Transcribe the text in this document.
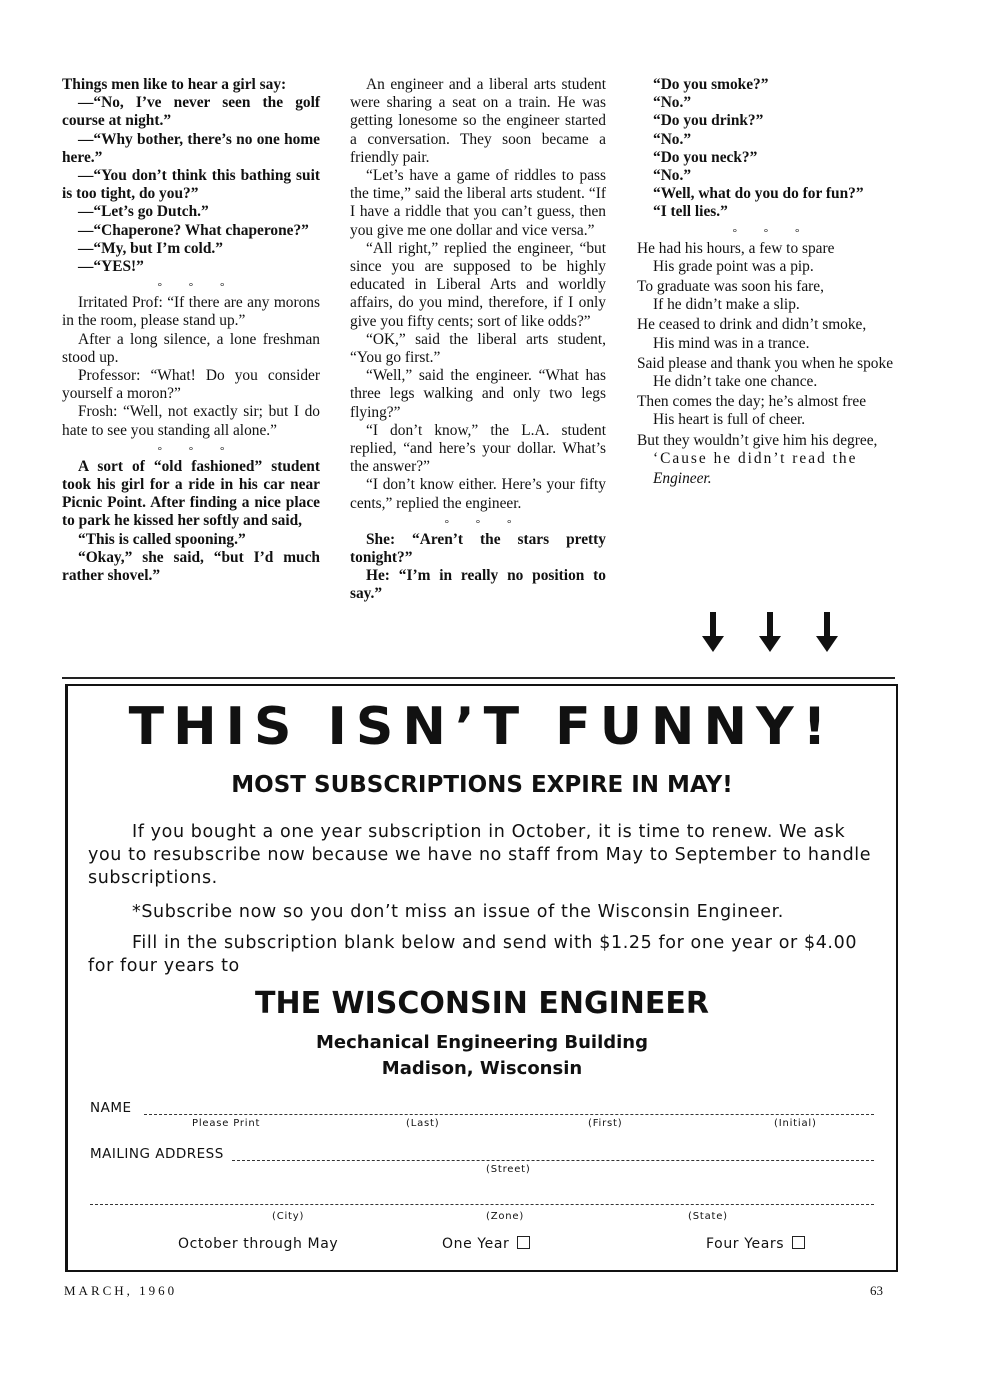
Things men like to hear a girl say:

—“No, I’ve never seen the golf course at night.”

—“Why bother, there’s no one home here.”

—“You don’t think this bathing suit is too tight, do you?”

—“Let’s go Dutch.”

—“Chaperone? What chaperone?”

—“My, but I’m cold.”

—“YES!”

° ° °

Irritated Prof: “If there are any morons in the room, please stand up.”

After a long silence, a lone freshman stood up.

Professor: “What! Do you consider yourself a moron?”

Frosh: “Well, not exactly sir; but I do hate to see you standing all alone.”

° ° °

A sort of “old fashioned” student took his girl for a ride in his car near Picnic Point. After finding a nice place to park he kissed her softly and said,

“This is called spooning.”

“Okay,” she said, “but I’d much rather shovel.”

An engineer and a liberal arts student were sharing a seat on a train. He was getting lonesome so the engineer started a conversation. They soon became a friendly pair.

“Let’s have a game of riddles to pass the time,” said the liberal arts student. “If I have a riddle that you can’t guess, then you give me one dollar and vice versa.”

“All right,” replied the engineer, “but since you are supposed to be highly educated in Liberal Arts and worldly affairs, do you mind, therefore, if I only give you fifty cents; sort of like odds?”

“OK,” said the liberal arts student, “You go first.”

“Well,” said the engineer. “What has three legs walking and only two legs flying?”

“I don’t know,” the L.A. student replied, “and here’s your dollar. What’s the answer?”

“I don’t know either. Here’s your fifty cents,” replied the engineer.

° ° °

She: “Aren’t the stars pretty tonight?”

He: “I’m in really no position to say.”

“Do you smoke?”

“No.”

“Do you drink?”

“No.”

“Do you neck?”

“No.”

“Well, what do you do for fun?”

“I tell lies.”

° ° °

He had his hours, a few to spare

His grade point was a pip.

To graduate was soon his fare,

If he didn’t make a slip.

He ceased to drink and didn’t smoke,

His mind was in a trance.

Said please and thank you when he spoke

He didn’t take one chance.

Then comes the day; he’s almost free

His heart is full of cheer.

But they wouldn’t give him his degree,

‘Cause he didn’t read the

Engineer.

THIS ISN’T FUNNY!
MOST SUBSCRIPTIONS EXPIRE IN MAY!

If you bought a one year subscription in October, it is time to renew. We ask you to resubscribe now because we have no staff from May to September to handle subscriptions.

*Subscribe now so you don’t miss an issue of the Wisconsin Engineer.

Fill in the subscription blank below and send with $1.25 for one year or $4.00 for four years to

THE WISCONSIN ENGINEER
Mechanical Engineering Building
Madison, Wisconsin
NAME
Please Print	(Last)	(First)	(Initial)
MAILING ADDRESS
(Street)
(City)	(Zone)	(State)
October through May	One Year	Four Years
MARCH, 1960	63
